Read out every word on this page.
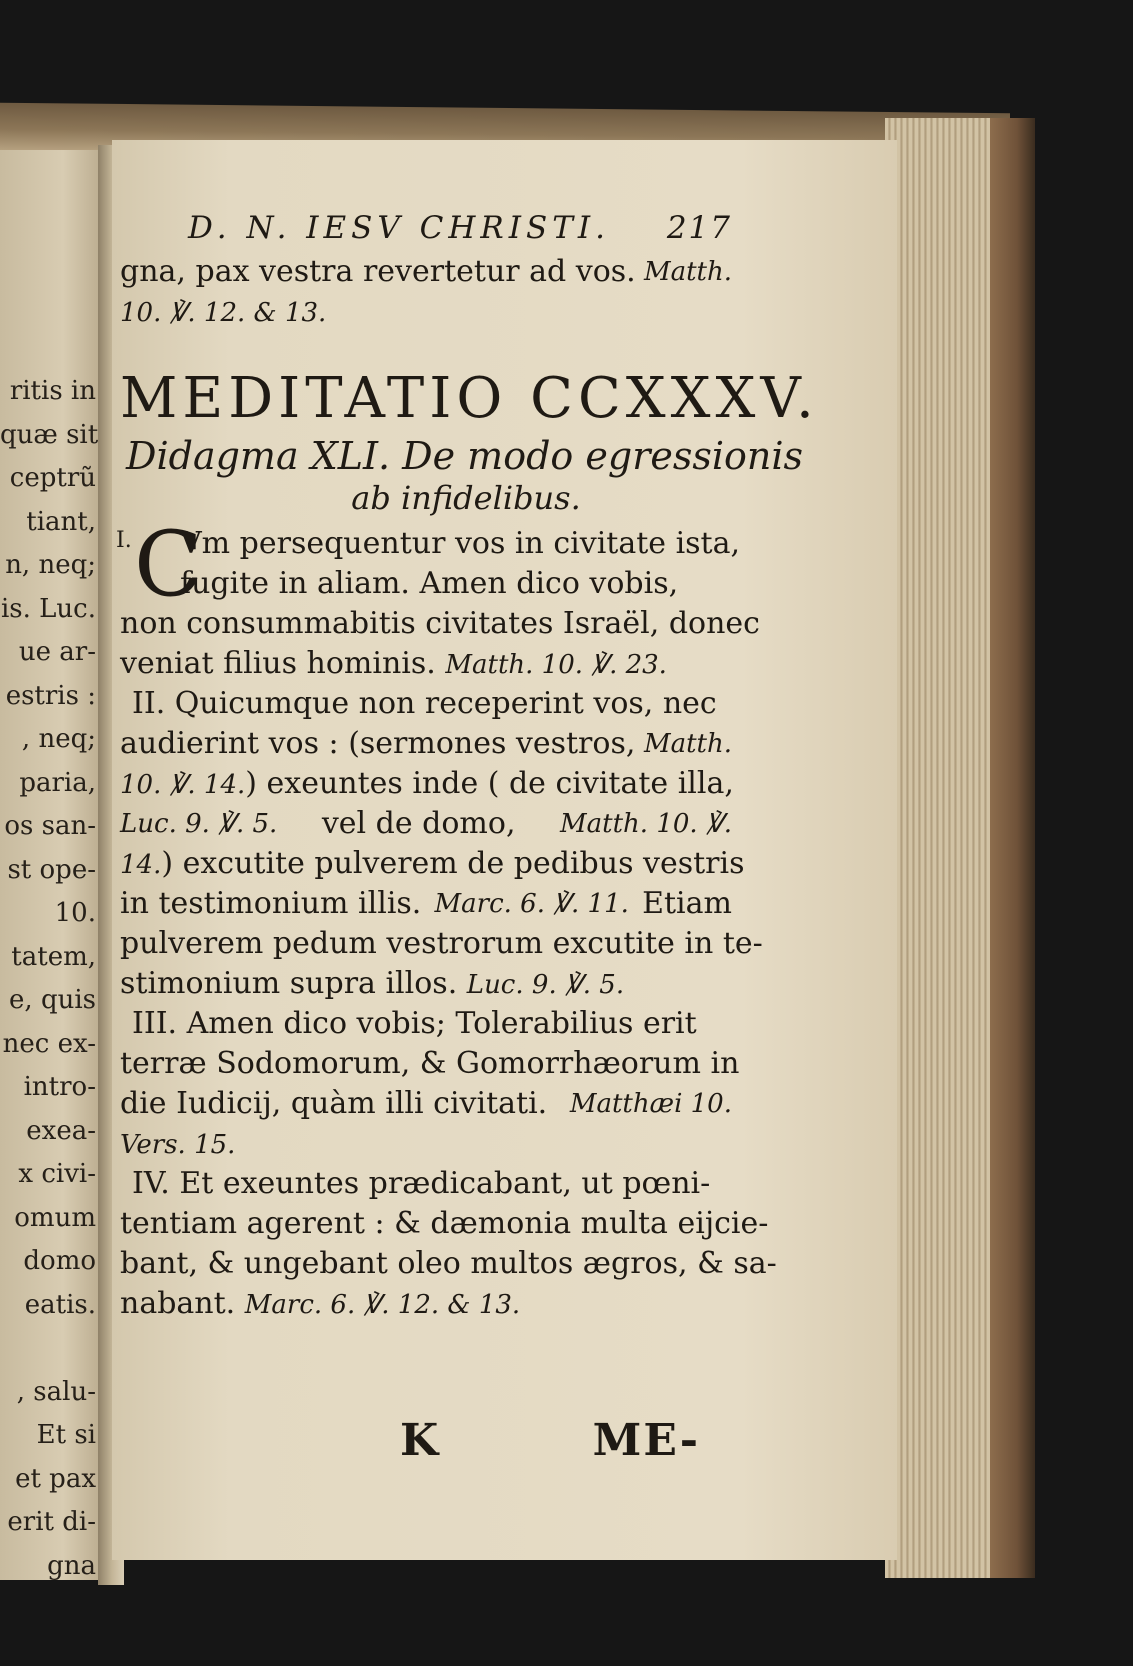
ritis in
quæ sit
ceptrũ
tiant,
n, neq;
is. Luc.
ue ar-
estris :
, neq;
paria,
os san-
st ope-
10.
tatem,
e, quis
nec ex-
intro-
exea-
x civi-
omum
domo
eatis.
, salu-
Et si
et pax
erit di-
gna
D. N. IESV CHRISTI. 217
gna, pax vestra revertetur ad vos. Matth.
10. ℣. 12. & 13.
MEDITATIO CCXXXV.
Didagma XLI. De modo egressionis
ab infidelibus.
I. C
Vm persequentur vos in civitate ista,
fugite in aliam. Amen dico vobis,
non consummabitis civitates Israël, donec
veniat filius hominis. Matth. 10. ℣. 23.
II. Quicumque non receperint vos, nec
audierint vos : (sermones vestros, Matth.
10. ℣. 14.) exeuntes inde ( de civitate illa,
Luc. 9. ℣. 5. vel de domo, Matth. 10. ℣.
14.) excutite pulverem de pedibus vestris
in testimonium illis. Marc. 6. ℣. 11. Etiam
pulverem pedum vestrorum excutite in te-
stimonium supra illos. Luc. 9. ℣. 5.
III. Amen dico vobis; Tolerabilius erit
terræ Sodomorum, & Gomorrhæorum in
die Iudicij, quàm illi civitati. Matthæi 10.
Vers. 15.
IV. Et exeuntes prædicabant, ut pœni-
tentiam agerent : & dæmonia multa eijcie-
bant, & ungebant oleo multos ægros, & sa-
nabant. Marc. 6. ℣. 12. & 13.
K	ME-
